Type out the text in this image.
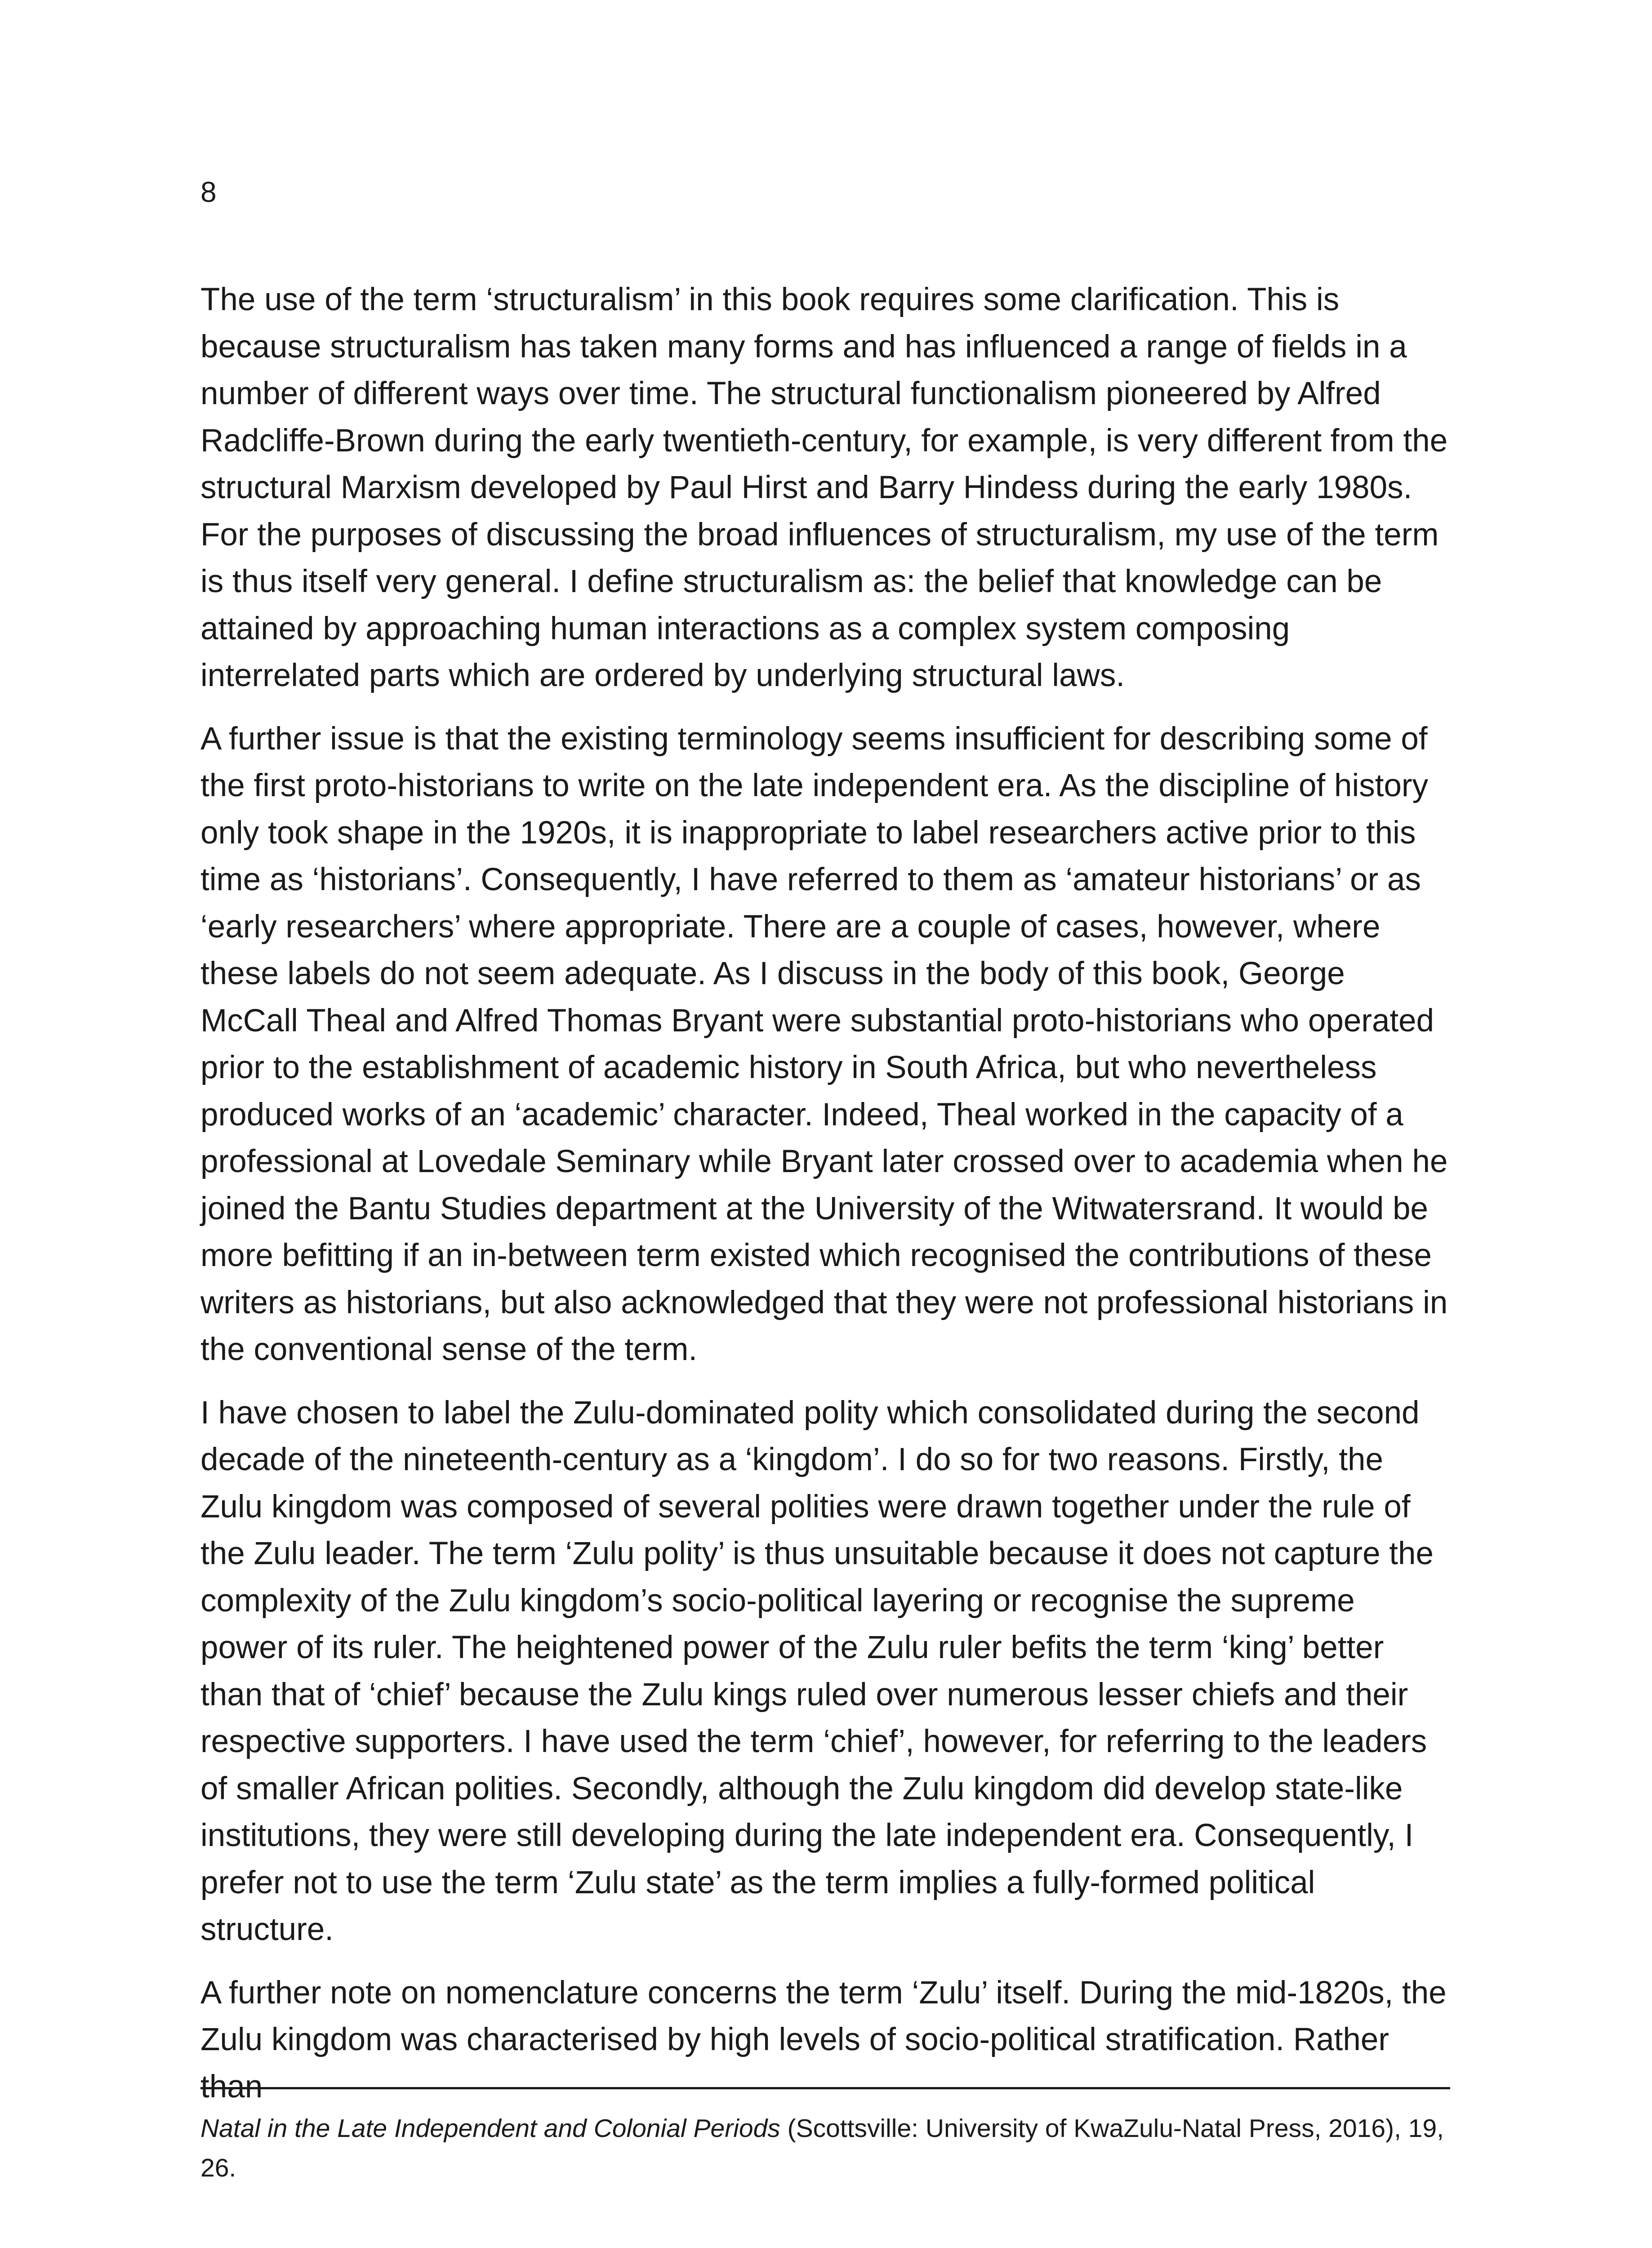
8

The use of the term ‘structuralism’ in this book requires some clarification. This is because structuralism has taken many forms and has influenced a range of fields in a number of different ways over time. The structural functionalism pioneered by Alfred Radcliffe-Brown during the early twentieth-century, for example, is very different from the structural Marxism developed by Paul Hirst and Barry Hindess during the early 1980s. For the purposes of discussing the broad influences of structuralism, my use of the term is thus itself very general. I define structuralism as: the belief that knowledge can be attained by approaching human interactions as a complex system composing interrelated parts which are ordered by underlying structural laws.

A further issue is that the existing terminology seems insufficient for describing some of the first proto-historians to write on the late independent era. As the discipline of history only took shape in the 1920s, it is inappropriate to label researchers active prior to this time as ‘historians’. Consequently, I have referred to them as ‘amateur historians’ or as ‘early researchers’ where appropriate. There are a couple of cases, however, where these labels do not seem adequate. As I discuss in the body of this book, George McCall Theal and Alfred Thomas Bryant were substantial proto-historians who operated prior to the establishment of academic history in South Africa, but who nevertheless produced works of an ‘academic’ character. Indeed, Theal worked in the capacity of a professional at Lovedale Seminary while Bryant later crossed over to academia when he joined the Bantu Studies department at the University of the Witwatersrand. It would be more befitting if an in-between term existed which recognised the contributions of these writers as historians, but also acknowledged that they were not professional historians in the conventional sense of the term.

I have chosen to label the Zulu-dominated polity which consolidated during the second decade of the nineteenth-century as a ‘kingdom’. I do so for two reasons. Firstly, the Zulu kingdom was composed of several polities were drawn together under the rule of the Zulu leader. The term ‘Zulu polity’ is thus unsuitable because it does not capture the complexity of the Zulu kingdom’s socio-political layering or recognise the supreme power of its ruler. The heightened power of the Zulu ruler befits the term ‘king’ better than that of ‘chief’ because the Zulu kings ruled over numerous lesser chiefs and their respective supporters. I have used the term ‘chief’, however, for referring to the leaders of smaller African polities. Secondly, although the Zulu kingdom did develop state-like institutions, they were still developing during the late independent era. Consequently, I prefer not to use the term ‘Zulu state’ as the term implies a fully-formed political structure.

A further note on nomenclature concerns the term ‘Zulu’ itself. During the mid-1820s, the Zulu kingdom was characterised by high levels of socio-political stratification. Rather than

Natal in the Late Independent and Colonial Periods (Scottsville: University of KwaZulu-Natal Press, 2016), 19, 26.
